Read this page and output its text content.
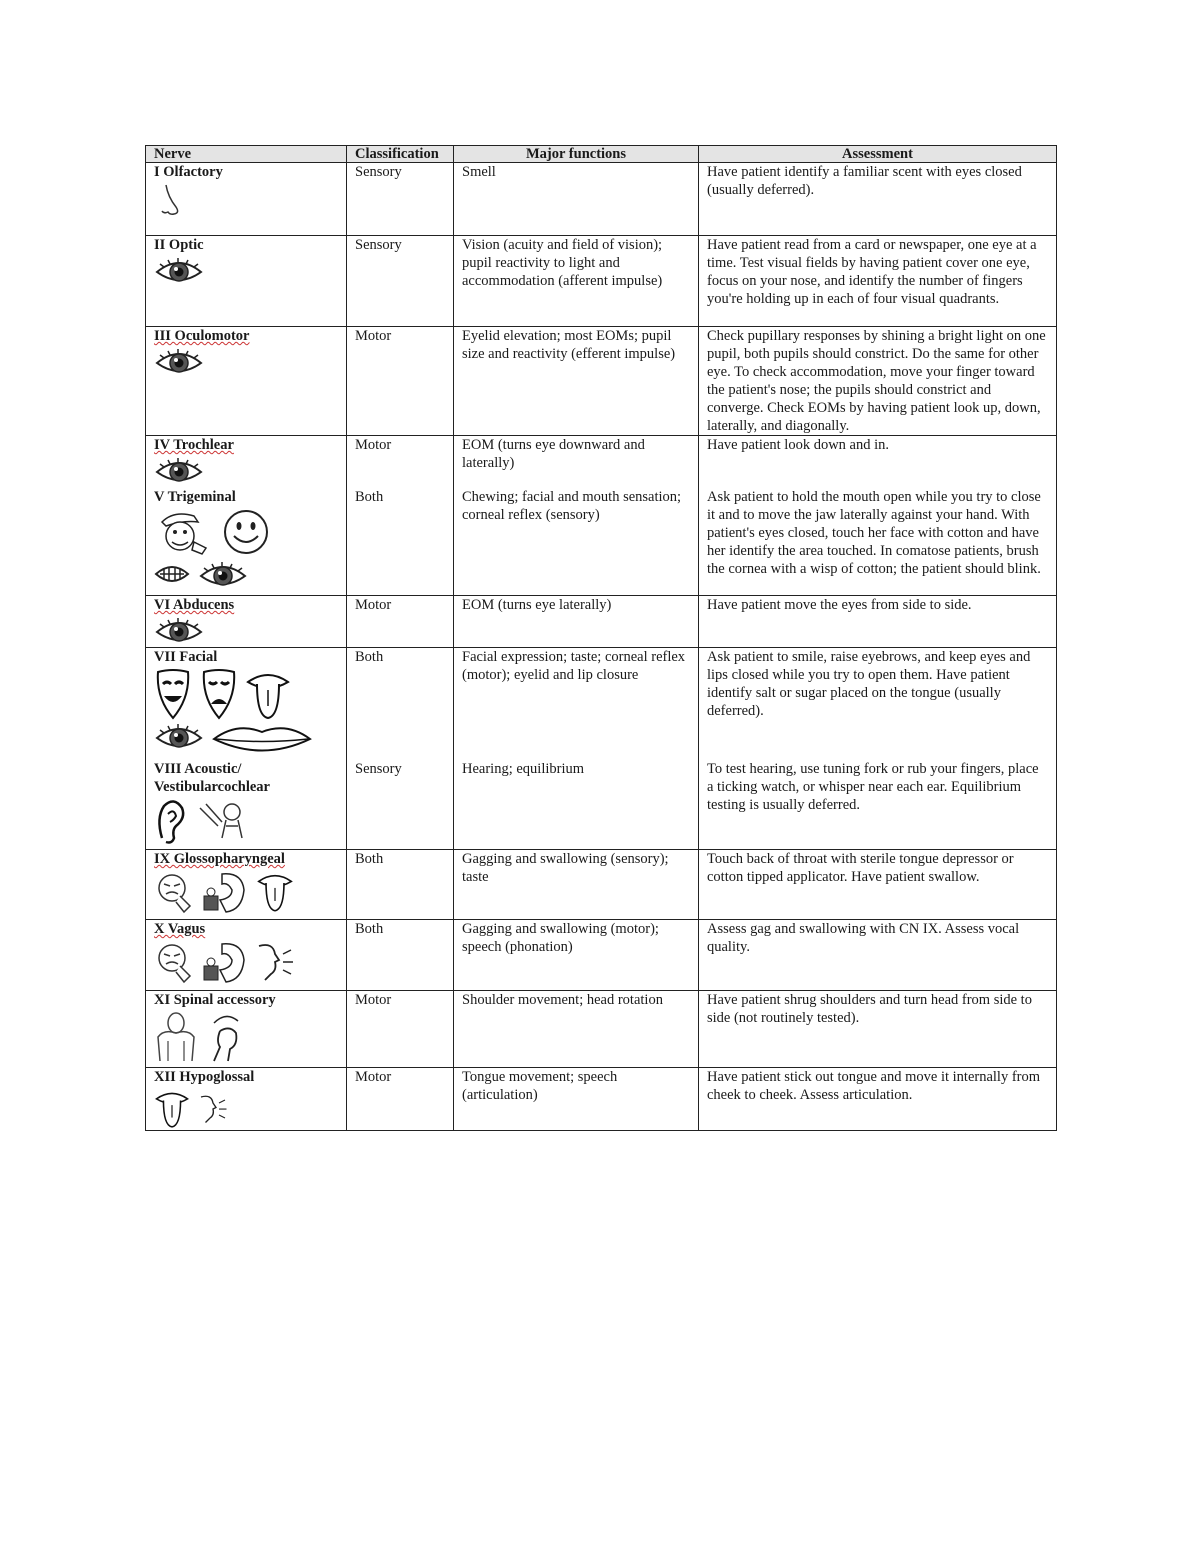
Nerve	Classification	Major functions	Assessment
I Olfactory	Sensory	Smell	Have patient identify a familiar scent with eyes closed (usually deferred).
II Optic	Sensory	Vision (acuity and field of vision); pupil reactivity to light and accommodation (afferent impulse)	Have patient read from a card or newspaper, one eye at a time. Test visual fields by having patient cover one eye, focus on your nose, and identify the number of fingers you're holding up in each of four visual quadrants.
III Oculomotor	Motor	Eyelid elevation; most EOMs; pupil size and reactivity (efferent impulse)	Check pupillary responses by shining a bright light on one pupil, both pupils should constrict. Do the same for other eye. To check accommodation, move your finger toward the patient's nose; the pupils should constrict and converge. Check EOMs by having patient look up, down, laterally, and diagonally.
IV Trochlear	Motor	EOM (turns eye downward and laterally)	Have patient look down and in.
V Trigeminal	Both	Chewing; facial and mouth sensation; corneal reflex (sensory)	Ask patient to hold the mouth open while you try to close it and to move the jaw laterally against your hand. With patient's eyes closed, touch her face with cotton and have her identify the area touched. In comatose patients, brush the cornea with a wisp of cotton; the patient should blink.
VI Abducens	Motor	EOM (turns eye laterally)	Have patient move the eyes from side to side.
VII Facial	Both	Facial expression; taste; corneal reflex (motor); eyelid and lip closure	Ask patient to smile, raise eyebrows, and keep eyes and lips closed while you try to open them. Have patient identify salt or sugar placed on the tongue (usually deferred).
VIII Acoustic/ Vestibularcochlear	Sensory	Hearing; equilibrium	To test hearing, use tuning fork or rub your fingers, place a ticking watch, or whisper near each ear. Equilibrium testing is usually deferred.
IX Glossopharyngeal	Both	Gagging and swallowing (sensory); taste	Touch back of throat with sterile tongue depressor or cotton tipped applicator. Have patient swallow.
X Vagus	Both	Gagging and swallowing (motor); speech (phonation)	Assess gag and swallowing with CN IX. Assess vocal quality.
XI Spinal accessory	Motor	Shoulder movement; head rotation	Have patient shrug shoulders and turn head from side to side (not routinely tested).
XII Hypoglossal	Motor	Tongue movement; speech (articulation)	Have patient stick out tongue and move it internally from cheek to cheek. Assess articulation.
